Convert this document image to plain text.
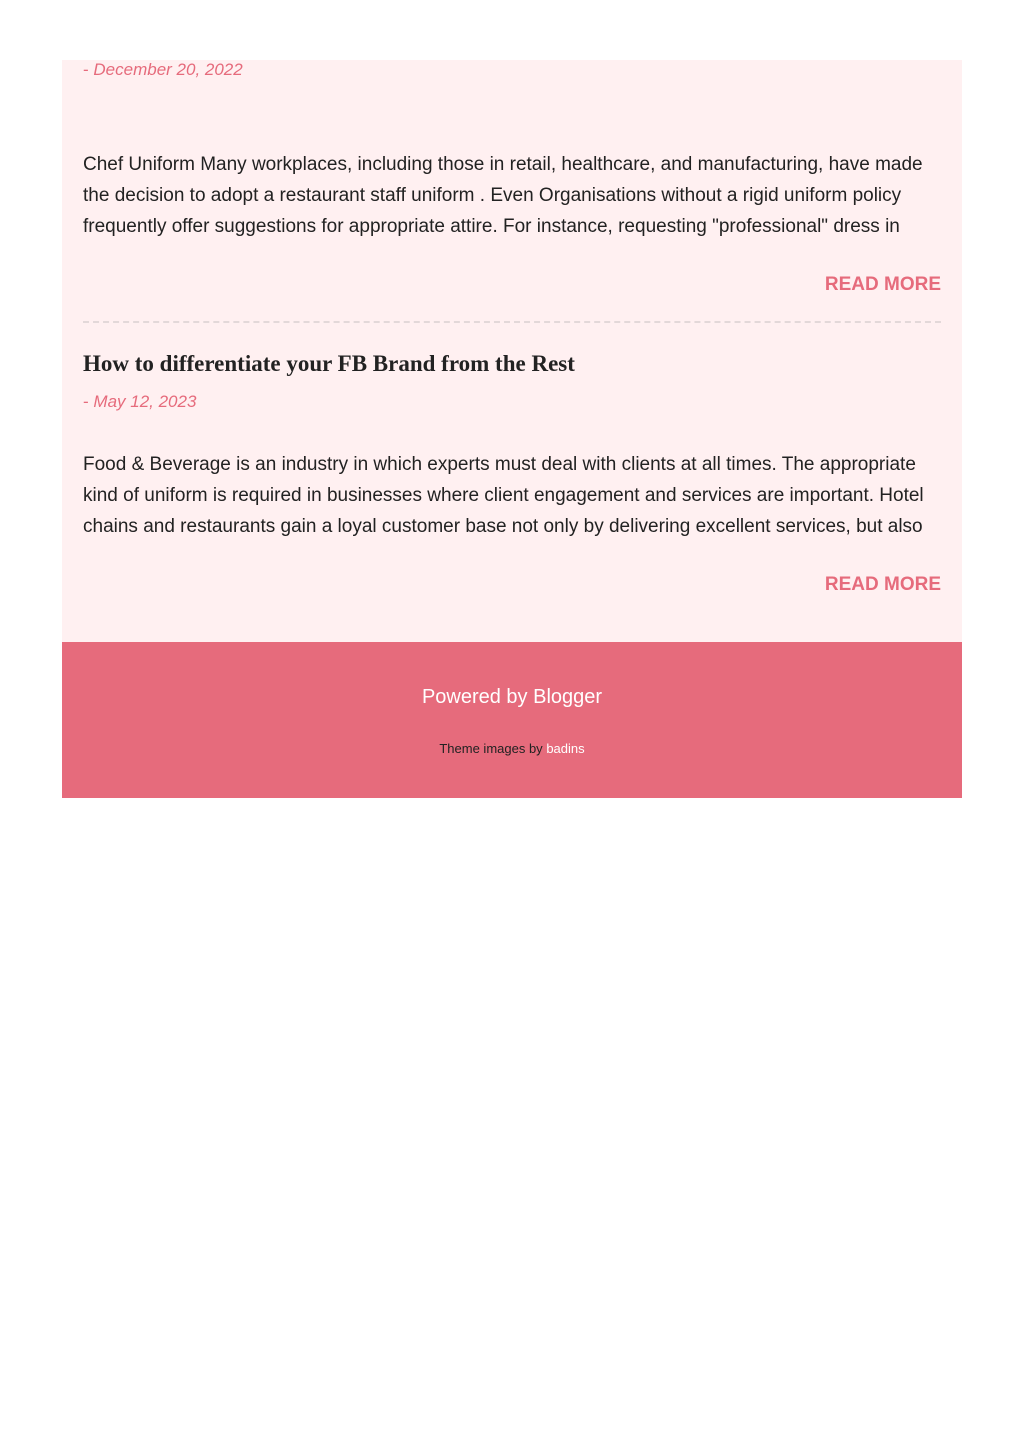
- December 20, 2022

Chef Uniform Many workplaces, including those in retail, healthcare, and manufacturing, have made the decision to adopt a restaurant staff uniform . Even Organisations without a rigid uniform policy frequently offer suggestions for appropriate attire. For instance, requesting "professional" dress in

READ MORE
How to differentiate your FB Brand from the Rest
- May 12, 2023

Food & Beverage is an industry in which experts must deal with clients at all times. The appropriate kind of uniform is required in businesses where client engagement and services are important. Hotel chains and restaurants gain a loyal customer base not only by delivering excellent services, but also

READ MORE
Powered by Blogger
Theme images by badins
